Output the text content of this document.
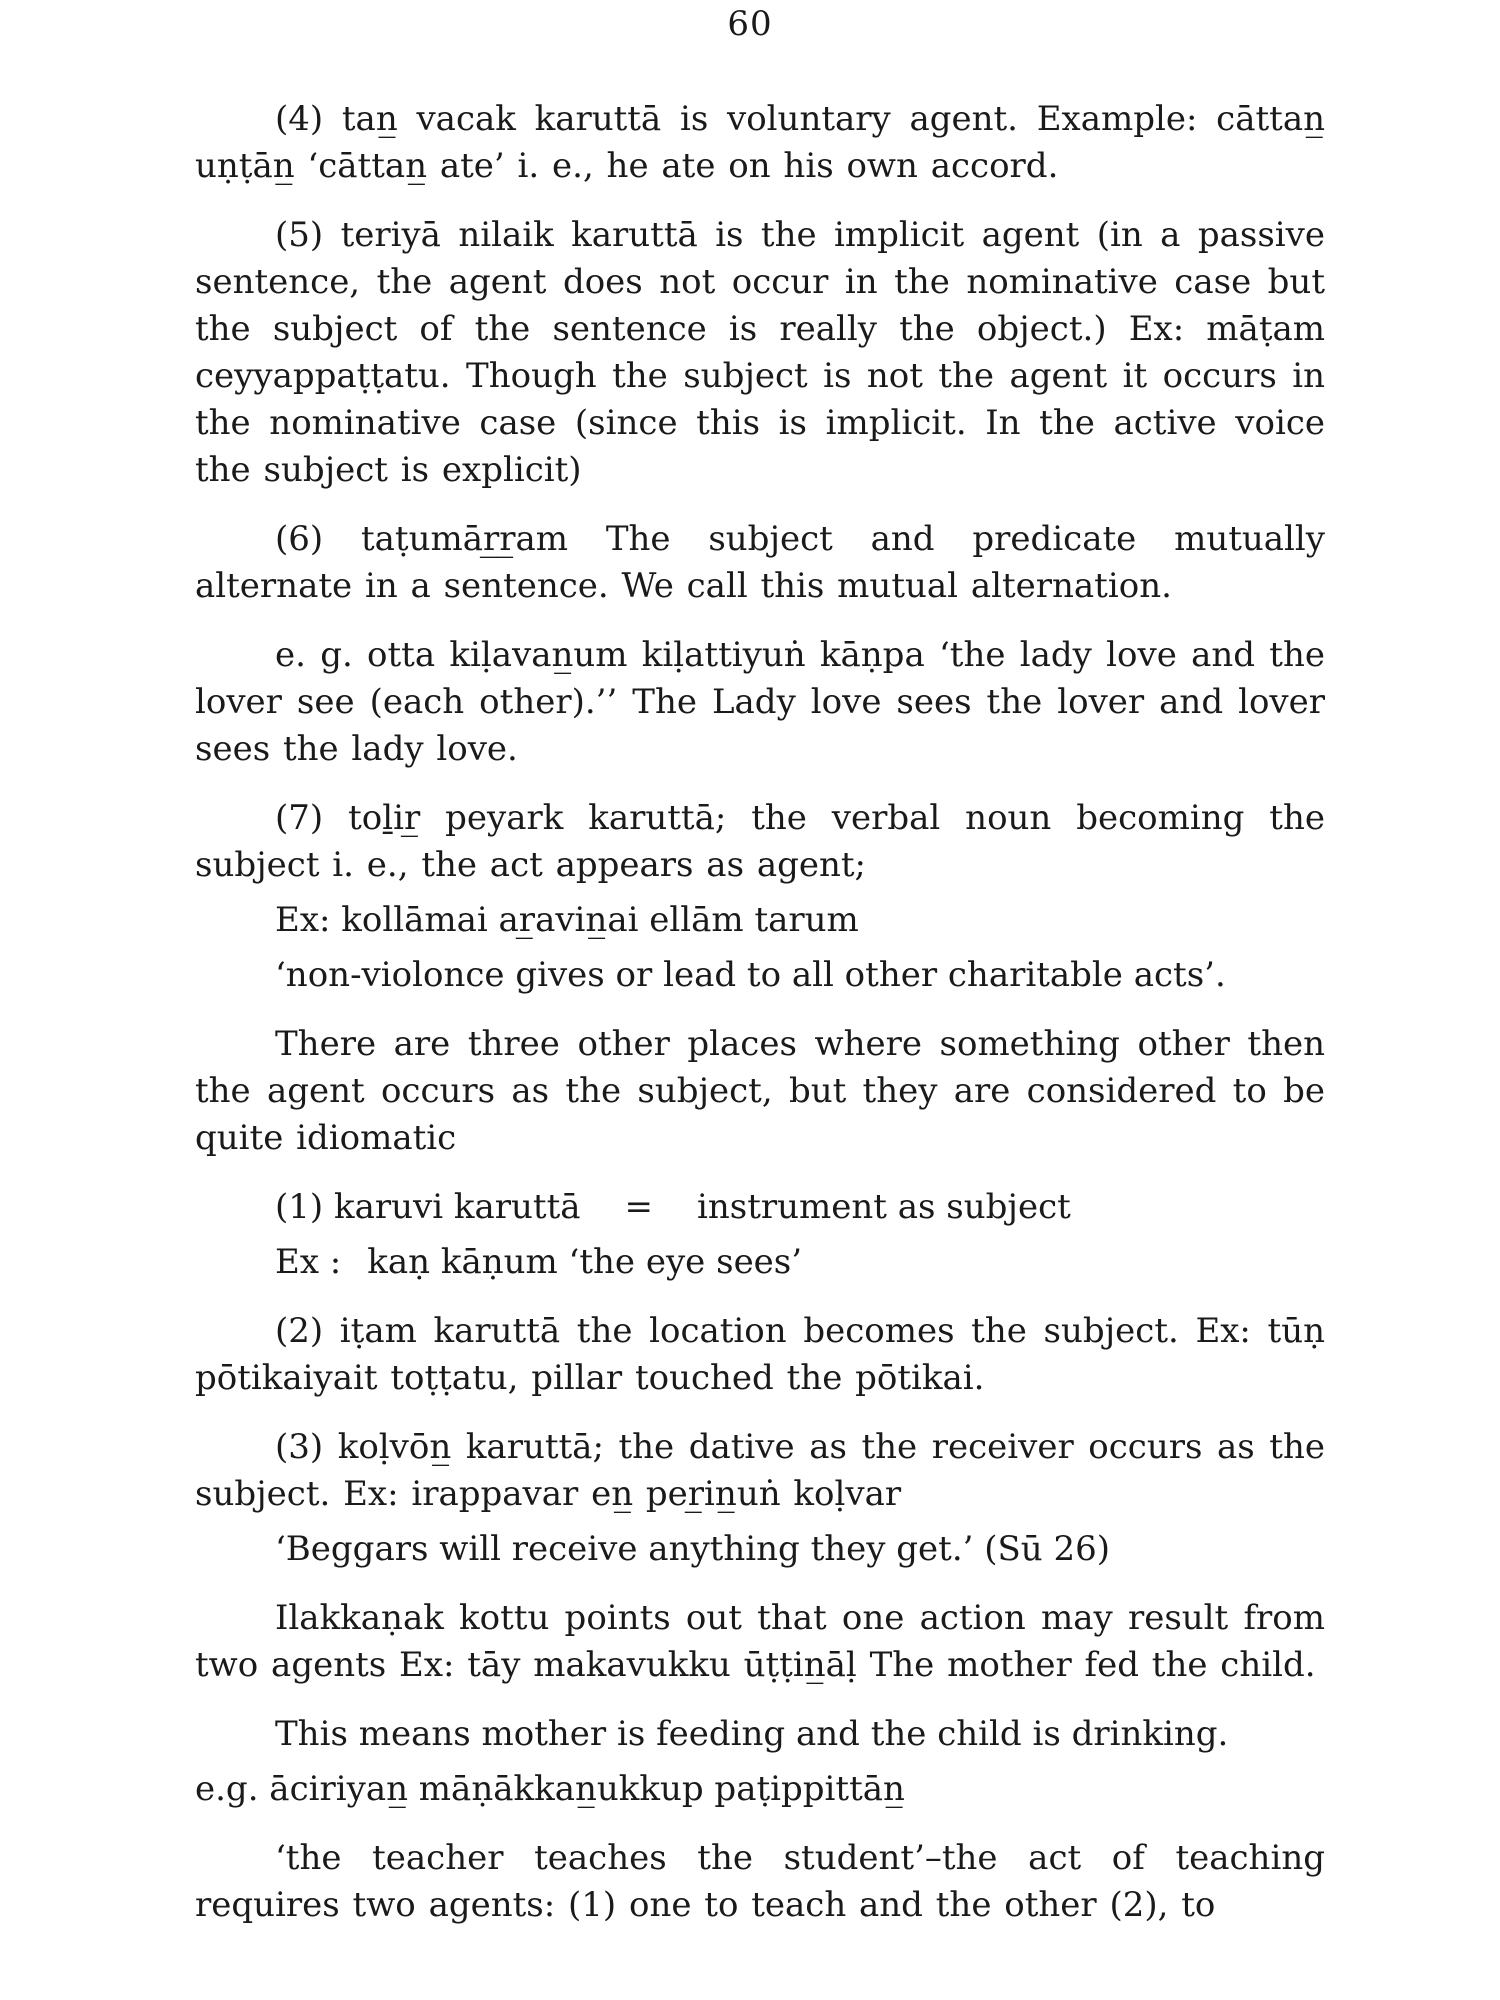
60

(4) tan̲ vacak karuttā is voluntary agent. Example: cāttan̲ uṇṭān̲ ‘cāttan̲ ate’ i. e., he ate on his own accord.

(5) teriyā nilaik karuttā is the implicit agent (in a passive sentence, the agent does not occur in the nominative case but the subject of the sentence is really the object.) Ex: māṭam ceyyappaṭṭatu. Though the subject is not the agent it occurs in the nominative case (since this is implicit. In the active voice the subject is explicit)

(6) taṭumār̲r̲am The subject and predicate mutually alternate in a sentence. We call this mutual alternation.

e. g. otta kiḷavan̲um kiḷattiyuṅ kāṇpa ‘the lady love and the lover see (each other).’’ The Lady love sees the lover and lover sees the lady love.

(7) toḻir̲ peyark karuttā; the verbal noun becoming the subject i. e., the act appears as agent;

Ex: kollāmai ar̲avin̲ai ellām tarum
‘non-violonce gives or lead to all other charitable acts’.

There are three other places where something other then the agent occurs as the subject, but they are considered to be quite idiomatic

(1) karuvi karuttā = instrument as subject
Ex : kaṇ kāṇum ‘the eye sees’

(2) iṭam karuttā the location becomes the subject. Ex: tūṇ pōtikaiyait toṭṭatu, pillar touched the pōtikai.

(3) koḷvōn̲ karuttā; the dative as the receiver occurs as the subject. Ex: irappavar en̲ per̲in̲uṅ koḷvar

‘Beggars will receive anything they get.’ (Sū 26)

Ilakkaṇak kottu points out that one action may result from two agents Ex: tāy makavukku ūṭṭin̲āḷ The mother fed the child.

This means mother is feeding and the child is drinking.
e.g. āciriyan̲ māṇākkan̲ukkup paṭippittān̲

‘the teacher teaches the student’–the act of teaching requires two agents: (1) one to teach and the other (2), to
